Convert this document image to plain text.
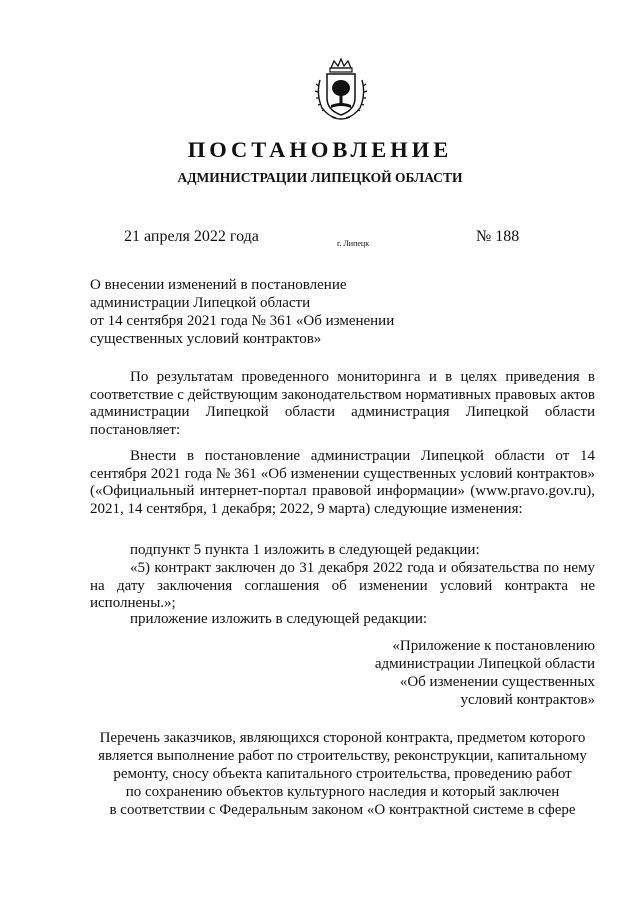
ПОСТАНОВЛЕНИЕ
АДМИНИСТРАЦИИ ЛИПЕЦКОЙ ОБЛАСТИ
21 апреля 2022 года	г. Липецк	№ 188
О внесении изменений в постановление
администрации Липецкой области
от 14 сентября 2021 года № 361 «Об изменении
существенных условий контрактов»
По результатам проведенного мониторинга и в целях приведения в соответствие с действующим законодательством нормативных правовых актов администрации Липецкой области администрация Липецкой области постановляет:
Внести в постановление администрации Липецкой области от 14 сентября 2021 года № 361 «Об изменении существенных условий контрактов» («Официальный интернет-портал правовой информации» (www.pravo.gov.ru), 2021, 14 сентября, 1 декабря; 2022, 9 марта) следующие изменения:
подпункт 5 пункта 1 изложить в следующей редакции:
«5) контракт заключен до 31 декабря 2022 года и обязательства по нему на дату заключения соглашения об изменении условий контракта не исполнены.»;
приложение изложить в следующей редакции:
«Приложение к постановлению
администрации Липецкой области
«Об изменении существенных
условий контрактов»
Перечень заказчиков, являющихся стороной контракта, предметом которого
является выполнение работ по строительству, реконструкции, капитальному
ремонту, сносу объекта капитального строительства, проведению работ
по сохранению объектов культурного наследия и который заключен
в соответствии с Федеральным законом «О контрактной системе в сфере
